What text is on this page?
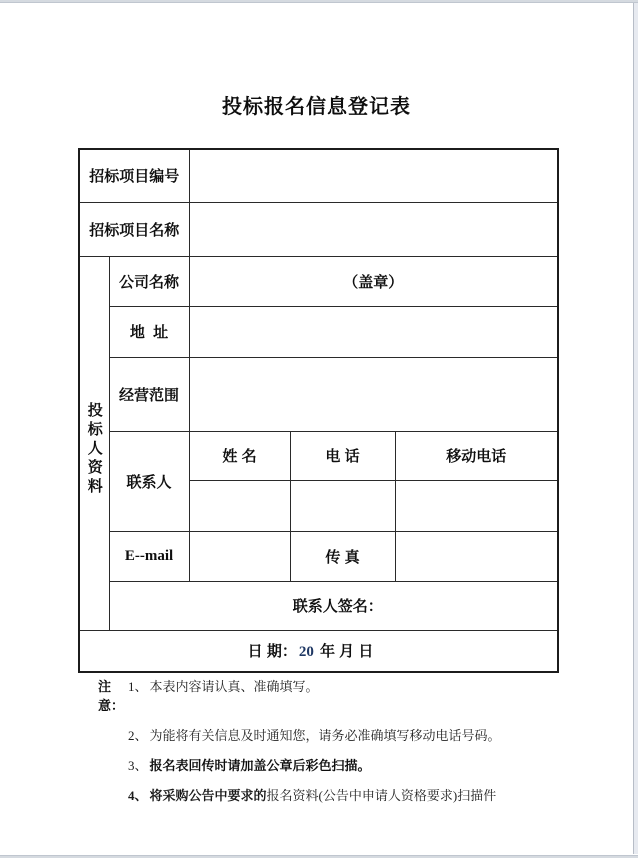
投标报名信息登记表
招标项目编号				
招标项目名称				

投标人资料	公司名称	（盖章）		
	地  址			
	经营范围			
	联系人	姓 名	电 话	移动电话

	E--mail		传 真	
	联系人签名：			
日 期： 20 年 月 日				
注意：
1、 本表内容请认真、准确填写。
2、 为能将有关信息及时通知您，请务必准确填写移动电话号码。
3、 报名表回传时请加盖公章后彩色扫描。
4、 将采购公告中要求的报名资料(公告中申请人资格要求)扫描件
